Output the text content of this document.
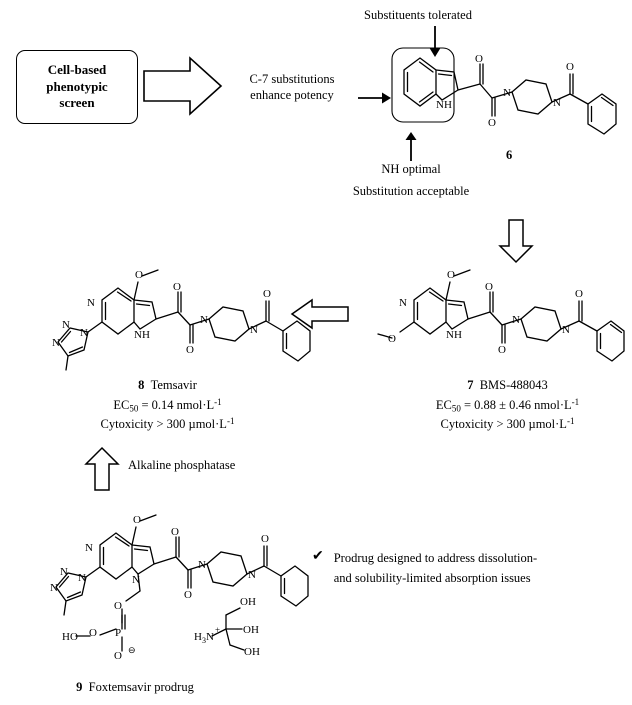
Cell-based
phenotypic
screen
C-7 substitutions
enhance potency
Substituents tolerated
NH optimal
Substitution acceptable
NH
N
N
O
O
O
6
N
NH
N
N
O
O
O
O
O
7 BMS-488043
$EC_{50} = 0.88 \pm 0.46$ $nmol\cdot L^{-1}$
Cytoxicity > 300 $\mu mol\cdot L^{-1}$
N
NH
N
N
O
O
O
O
N
N
N
8 Temsavir
$EC_{50} = 0.14$ $nmol\cdot L^{-1}$
Cytoxicity > 300 $\mu mol\cdot L^{-1}$
Alkaline phosphatase
N
N
N
N
O
O
O
O
N
N
N
O
P
O
HO
O ⊖
H 3 N
+
OH
OH
OH
9 Foxtemsavir prodrug
✔ Prodrug designed to address dissolution-
and solubility-limited absorption issues
